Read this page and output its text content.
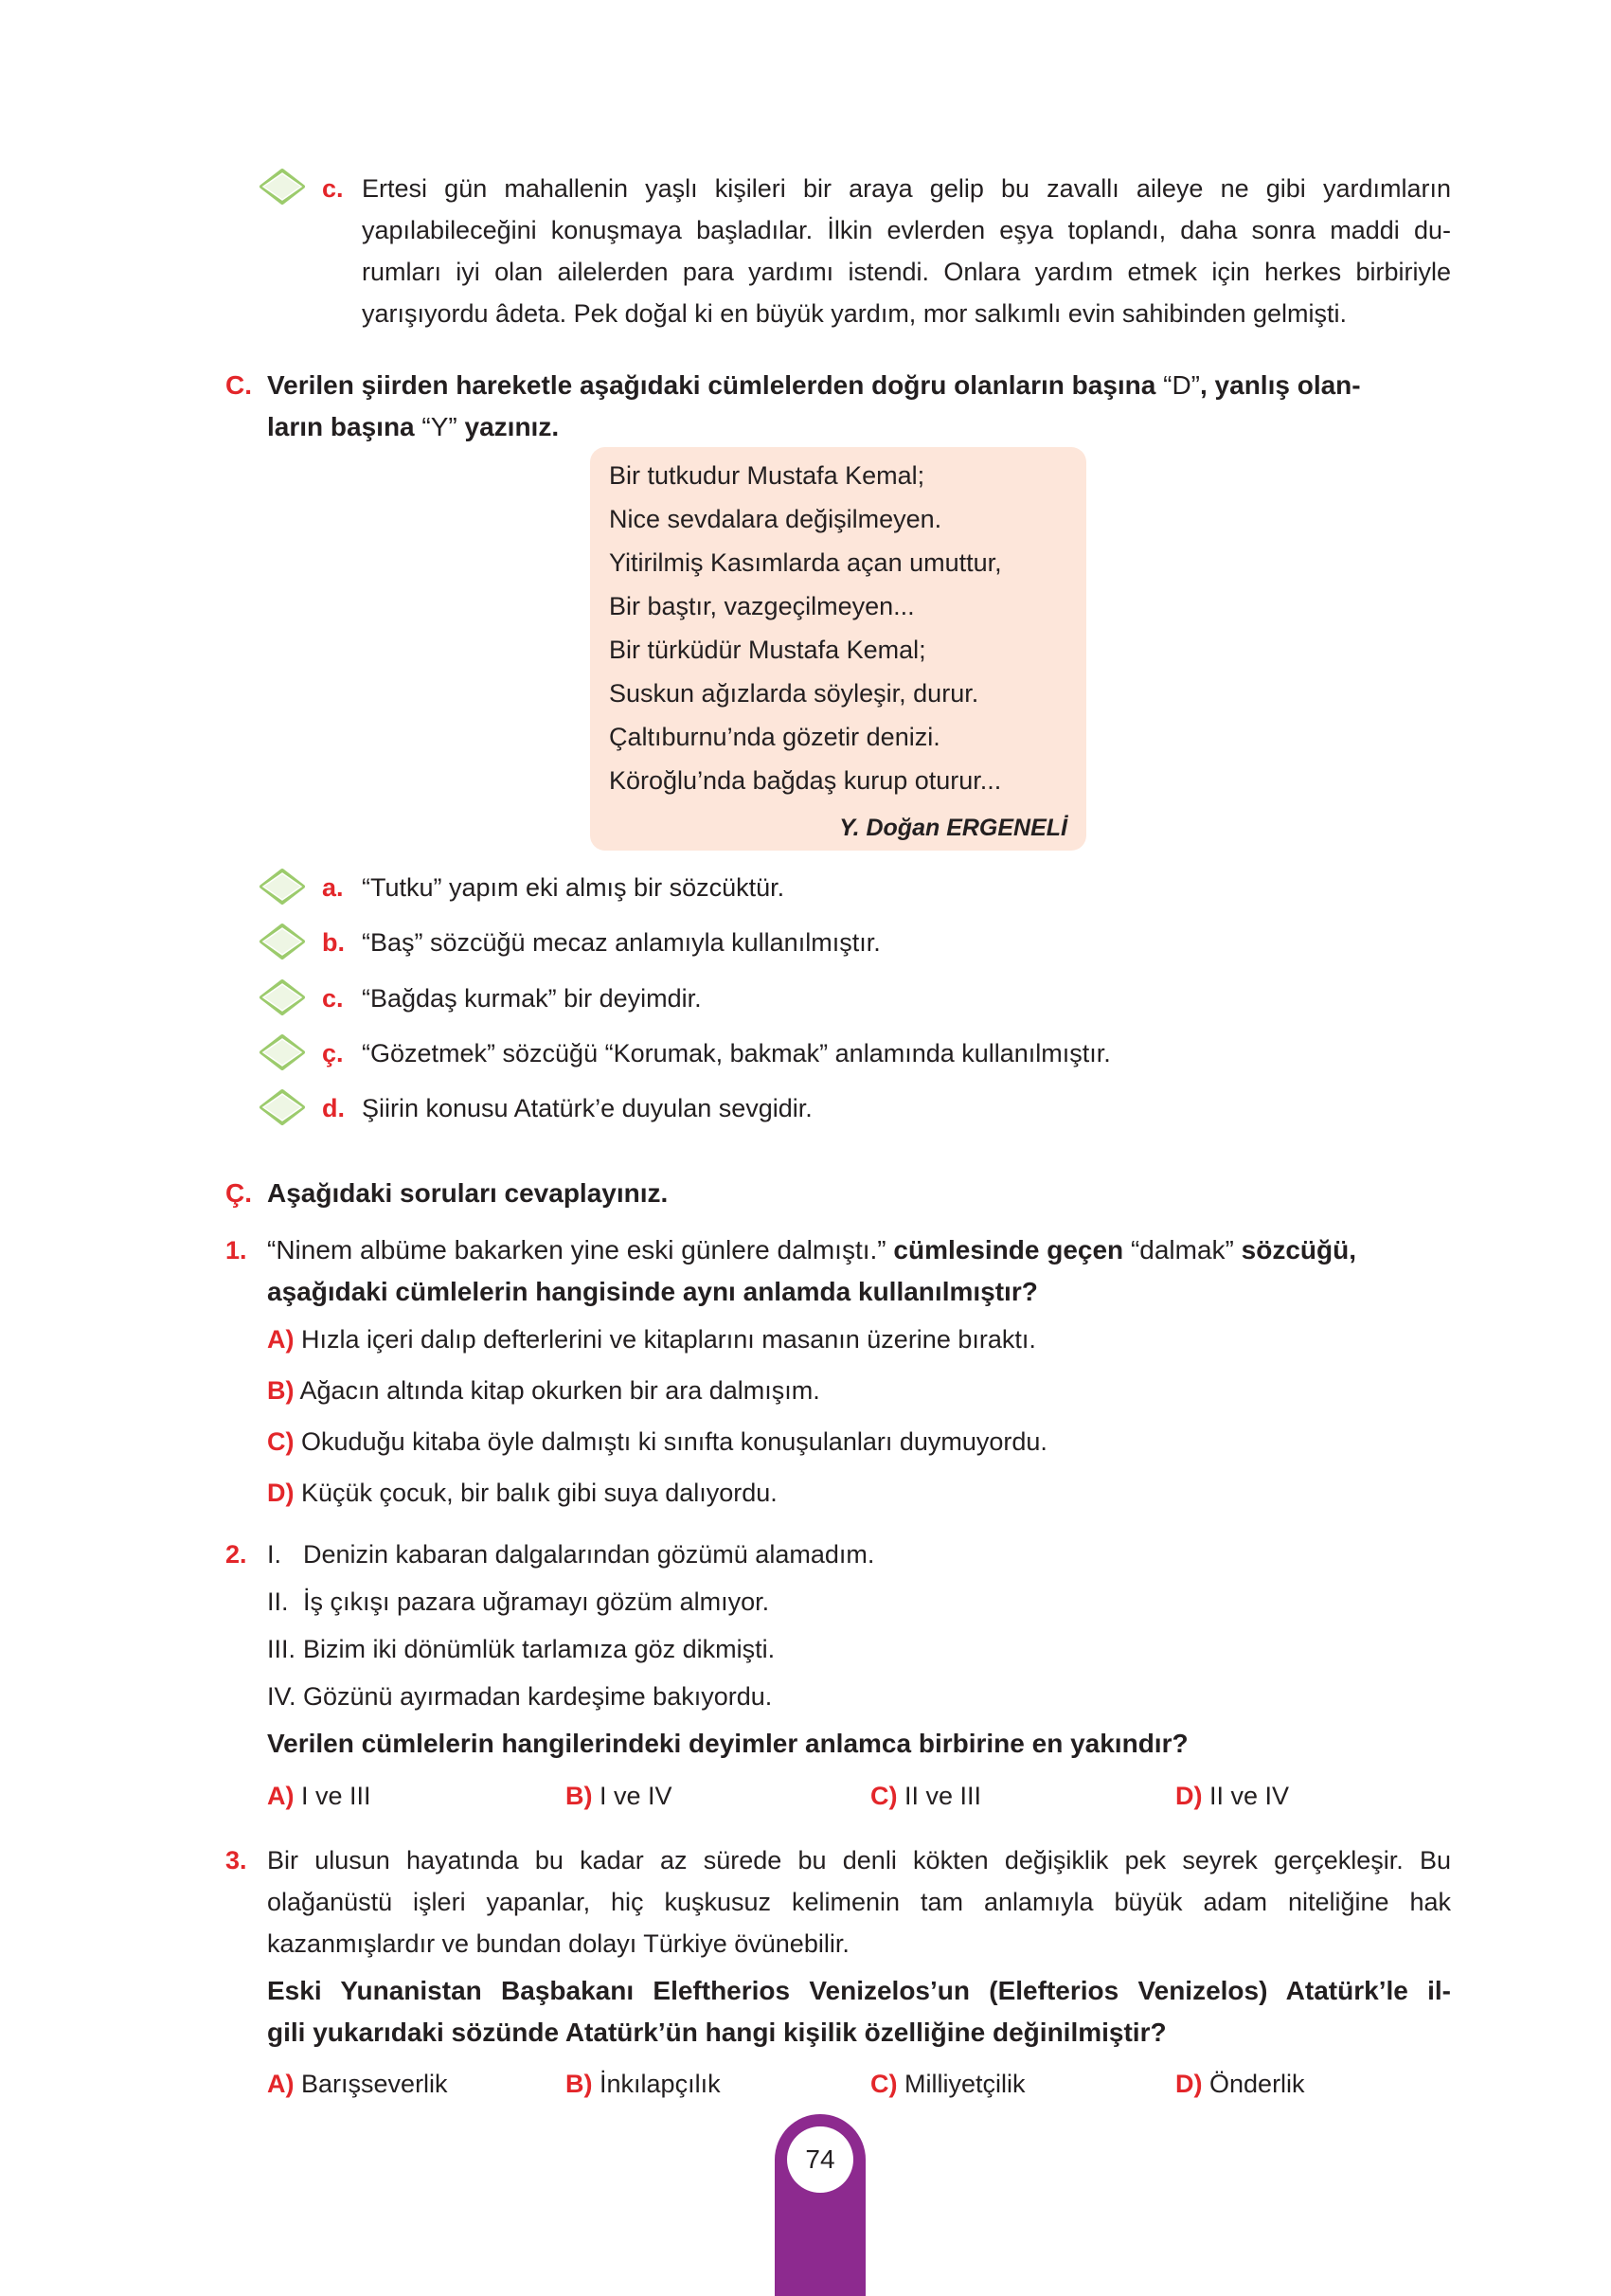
c. Ertesi gün mahallenin yaşlı kişileri bir araya gelip bu zavallı aileye ne gibi yardımların
yapılabileceğini konuşmaya başladılar. İlkin evlerden eşya toplandı, daha sonra maddi du-
rumları iyi olan ailelerden para yardımı istendi. Onlara yardım etmek için herkes birbiriyle
yarışıyordu âdeta. Pek doğal ki en büyük yardım, mor salkımlı evin sahibinden gelmişti.
C. Verilen şiirden hareketle aşağıdaki cümlelerden doğru olanların başına “D”, yanlış olan-
ların başına “Y” yazınız.
Bir tutkudur Mustafa Kemal;
Nice sevdalara değişilmeyen.
Yitirilmiş Kasımlarda açan umuttur,
Bir baştır, vazgeçilmeyen...
Bir türküdür Mustafa Kemal;
Suskun ağızlarda söyleşir, durur.
Çaltıburnu’nda gözetir denizi.
Köroğlu’nda bağdaş kurup oturur...
Y. Doğan ERGENELİ
a. “Tutku” yapım eki almış bir sözcüktür.
b. “Baş” sözcüğü mecaz anlamıyla kullanılmıştır.
c. “Bağdaş kurmak” bir deyimdir.
ç. “Gözetmek” sözcüğü “Korumak, bakmak” anlamında kullanılmıştır.
d. Şiirin konusu Atatürk’e duyulan sevgidir.
Ç. Aşağıdaki soruları cevaplayınız.
1. “Ninem albüme bakarken yine eski günlere dalmıştı.” cümlesinde geçen “dalmak” sözcüğü,
aşağıdaki cümlelerin hangisinde aynı anlamda kullanılmıştır?
A) Hızla içeri dalıp defterlerini ve kitaplarını masanın üzerine bıraktı.
B) Ağacın altında kitap okurken bir ara dalmışım.
C) Okuduğu kitaba öyle dalmıştı ki sınıfta konuşulanları duymuyordu.
D) Küçük çocuk, bir balık gibi suya dalıyordu.
2. I. Denizin kabaran dalgalarından gözümü alamadım.
II. İş çıkışı pazara uğramayı gözüm almıyor.
III. Bizim iki dönümlük tarlamıza göz dikmişti.
IV. Gözünü ayırmadan kardeşime bakıyordu.
Verilen cümlelerin hangilerindeki deyimler anlamca birbirine en yakındır?
A) I ve III	B) I ve IV	C) II ve III	D) II ve IV
3. Bir ulusun hayatında bu kadar az sürede bu denli kökten değişiklik pek seyrek gerçekleşir. Bu
olağanüstü işleri yapanlar, hiç kuşkusuz kelimenin tam anlamıyla büyük adam niteliğine hak
kazanmışlardır ve bundan dolayı Türkiye övünebilir.
Eski Yunanistan Başbakanı Eleftherios Venizelos’un (Elefterios Venizelos) Atatürk’le il-
gili yukarıdaki sözünde Atatürk’ün hangi kişilik özelliğine değinilmiştir?
A) Barışseverlik	B) İnkılapçılık	C) Milliyetçilik	D) Önderlik
74
